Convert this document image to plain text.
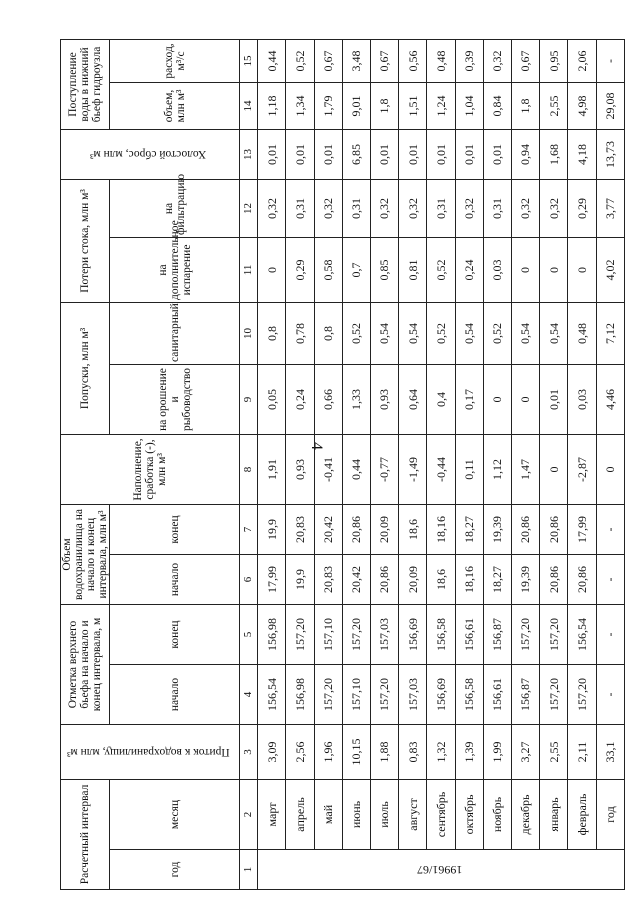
4
Расчетный интервал		Приток к водохранилищу, млн м³	Отметка верхнего бьефа на начало и конец интервала, м		Объем водохранилища на начало и конец интервала, млн м³		Наполнение, сработка (-), млн м³	Попуски, млн м³		Потери стока, млн м³		Холостой сброс, млн м³	Поступление воды в нижний бьеф гидроузла	
год	месяц		начало	конец	начало	конец		на орошение и рыбоводство	санитарный	на дополнительное испарение	на фильтрацию		объем, млн м³	расход, м³/с
1	2	3	4	5	6	7	8	9	10	11	12	13	14	15
19961/67	март	3,09	156,54	156,98	17,99	19,9	1,91	0,05	0,8	0	0,32	0,01	1,18	0,44
	апрель	2,56	156,98	157,20	19,9	20,83	0,93	0,24	0,78	0,29	0,31	0,01	1,34	0,52
	май	1,96	157,20	157,10	20,83	20,42	-0,41	0,66	0,8	0,58	0,32	0,01	1,79	0,67
	июнь	10,15	157,10	157,20	20,42	20,86	0,44	1,33	0,52	0,7	0,31	6,85	9,01	3,48
	июль	1,88	157,20	157,03	20,86	20,09	-0,77	0,93	0,54	0,85	0,32	0,01	1,8	0,67
	август	0,83	157,03	156,69	20,09	18,6	-1,49	0,64	0,54	0,81	0,32	0,01	1,51	0,56
	сентябрь	1,32	156,69	156,58	18,6	18,16	-0,44	0,4	0,52	0,52	0,31	0,01	1,24	0,48
	октябрь	1,39	156,58	156,61	18,16	18,27	0,11	0,17	0,54	0,24	0,32	0,01	1,04	0,39
	ноябрь	1,99	156,61	156,87	18,27	19,39	1,12	0	0,52	0,03	0,31	0,01	0,84	0,32
	декабрь	3,27	156,87	157,20	19,39	20,86	1,47	0	0,54	0	0,32	0,94	1,8	0,67
	январь	2,55	157,20	157,20	20,86	20,86	0	0,01	0,54	0	0,32	1,68	2,55	0,95
	февраль	2,11	157,20	156,54	20,86	17,99	-2,87	0,03	0,48	0	0,29	4,18	4,98	2,06
	год	33,1	-	-	-	-	0	4,46	7,12	4,02	3,77	13,73	29,08	-
